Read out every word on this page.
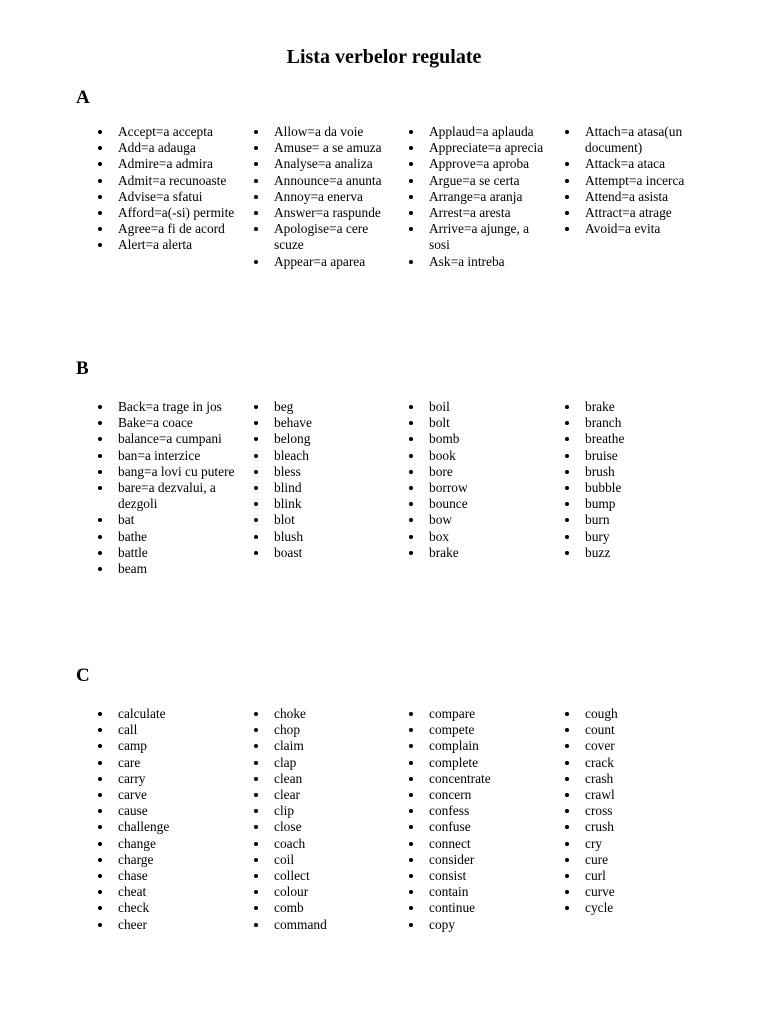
Lista verbelor regulate
A
Accept=a accepta
Add=a adauga
Admire=a admira
Admit=a recunoaste
Advise=a sfatui
Afford=a(-si) permite
Agree=a fi de acord
Alert=a alerta
Allow=a da voie
Amuse= a se amuza
Analyse=a analiza
Announce=a anunta
Annoy=a enerva
Answer=a raspunde
Apologise=a cere scuze
Appear=a aparea
Applaud=a aplauda
Appreciate=a aprecia
Approve=a aproba
Argue=a se certa
Arrange=a aranja
Arrest=a aresta
Arrive=a ajunge, a sosi
Ask=a intreba
Attach=a atasa(un document)
Attack=a ataca
Attempt=a incerca
Attend=a asista
Attract=a atrage
Avoid=a evita
B
Back=a trage in jos
Bake=a coace
balance=a cumpani
ban=a interzice
bang=a lovi cu putere
bare=a dezvalui, a dezgoli
bat
bathe
battle
beam
beg
behave
belong
bleach
bless
blind
blink
blot
blush
boast
boil
bolt
bomb
book
bore
borrow
bounce
bow
box
brake
brake
branch
breathe
bruise
brush
bubble
bump
burn
bury
buzz
C
calculate
call
camp
care
carry
carve
cause
challenge
change
charge
chase
cheat
check
cheer
choke
chop
claim
clap
clean
clear
clip
close
coach
coil
collect
colour
comb
command
compare
compete
complain
complete
concentrate
concern
confess
confuse
connect
consider
consist
contain
continue
copy
cough
count
cover
crack
crash
crawl
cross
crush
cry
cure
curl
curve
cycle
